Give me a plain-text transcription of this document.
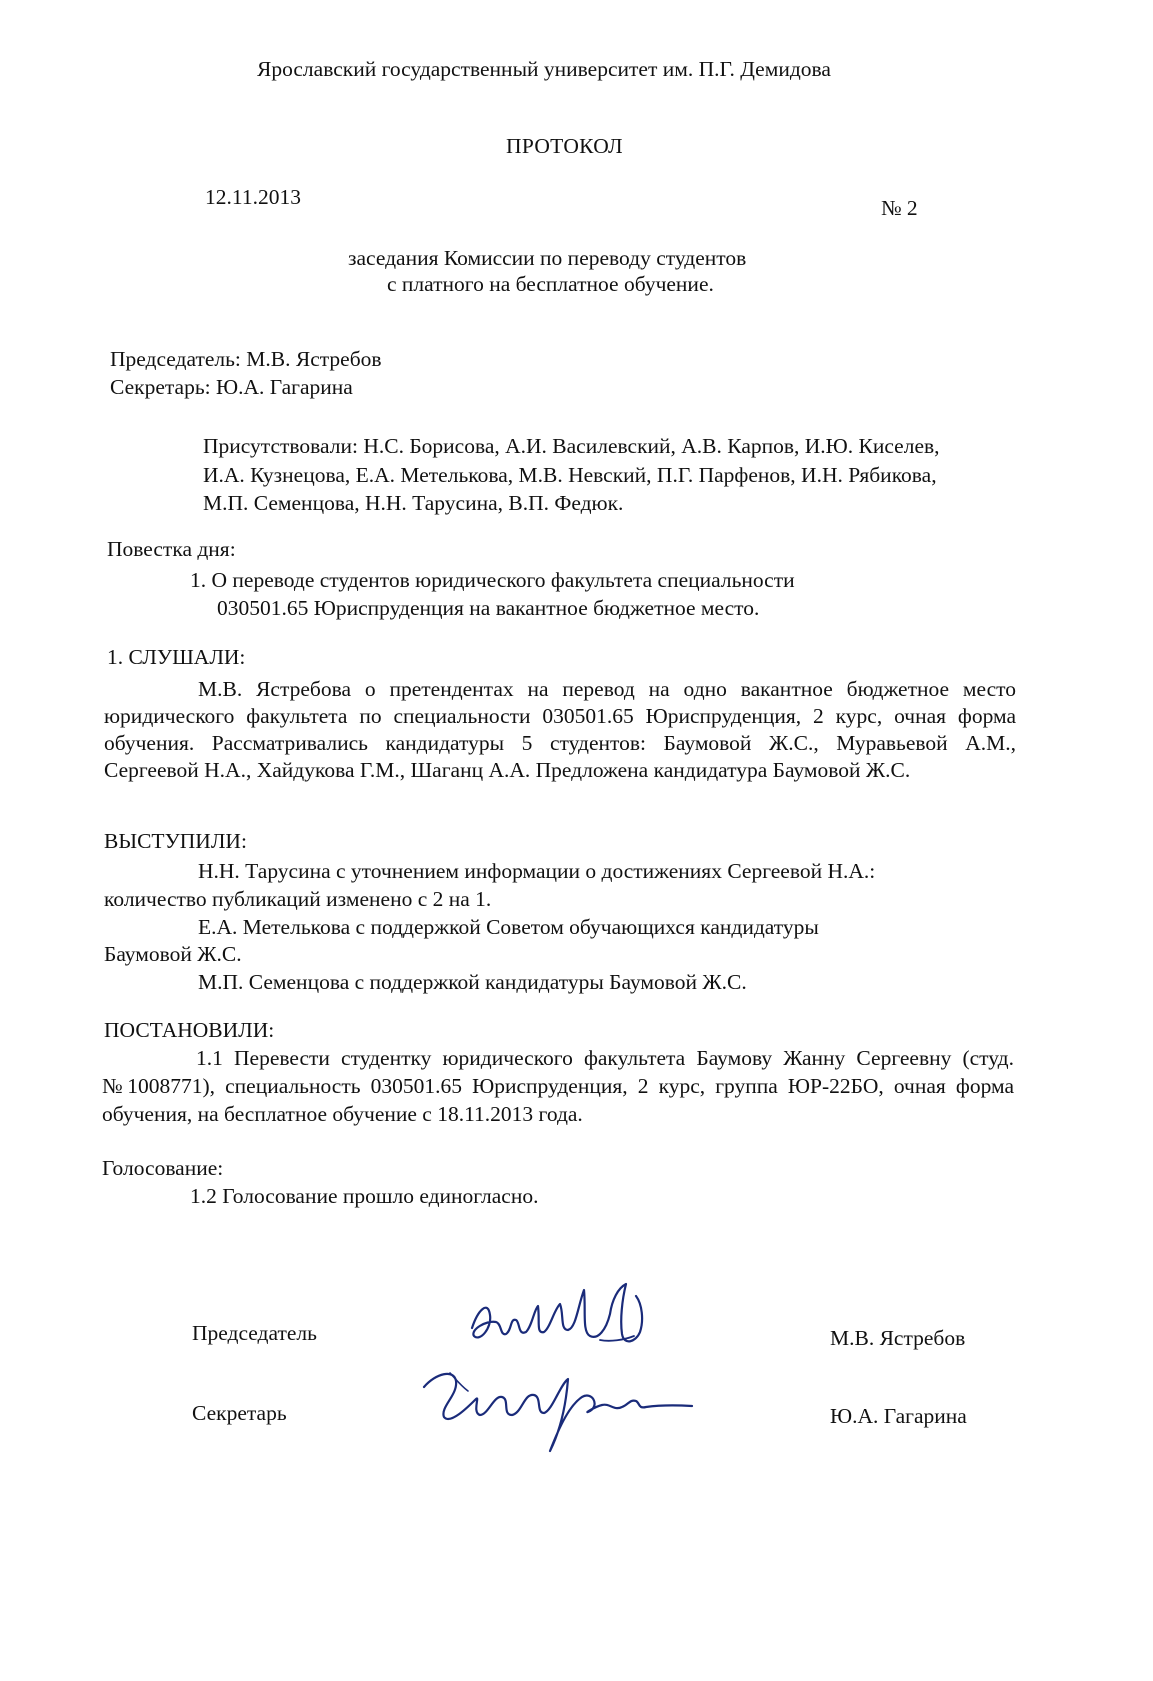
Ярославский государственный университет им. П.Г. Демидова
ПРОТОКОЛ
12.11.2013	№ 2
заседания Комиссии по переводу студентов
с платного на бесплатное обучение.
Председатель: М.В. Ястребов
Секретарь: Ю.А. Гагарина
Присутствовали: Н.С. Борисова, А.И. Василевский, А.В. Карпов, И.Ю. Киселев,
И.А. Кузнецова, Е.А. Метелькова, М.В. Невский, П.Г. Парфенов, И.Н. Рябикова,
М.П. Семенцова, Н.Н. Тарусина, В.П. Федюк.
Повестка дня:
1. О переводе студентов юридического факультета специальности
030501.65 Юриспруденция на вакантное бюджетное место.
1. СЛУШАЛИ:
М.В. Ястребова о претендентах на перевод на одно вакантное бюджетное место юридического факультета по специальности 030501.65 Юриспруденция, 2 курс, очная форма обучения. Рассматривались кандидатуры 5 студентов: Баумовой Ж.С., Муравьевой А.М., Сергеевой Н.А., Хайдукова Г.М., Шаганц А.А. Предложена кандидатура Баумовой Ж.С.
ВЫСТУПИЛИ:
Н.Н. Тарусина с уточнением информации о достижениях Сергеевой Н.А.:
количество публикаций изменено с 2 на 1.
Е.А. Метелькова с поддержкой Советом обучающихся кандидатуры
Баумовой Ж.С.
М.П. Семенцова с поддержкой кандидатуры Баумовой Ж.С.
ПОСТАНОВИЛИ:
1.1 Перевести студентку юридического факультета Баумову Жанну Сергеевну (студ. №1008771), специальность 030501.65 Юриспруденция, 2 курс, группа ЮР-22БО, очная форма обучения, на бесплатное обучение с 18.11.2013 года.
Голосование:
1.2 Голосование прошло единогласно.
Председатель	М.В. Ястребов
Секретарь	Ю.А. Гагарина
